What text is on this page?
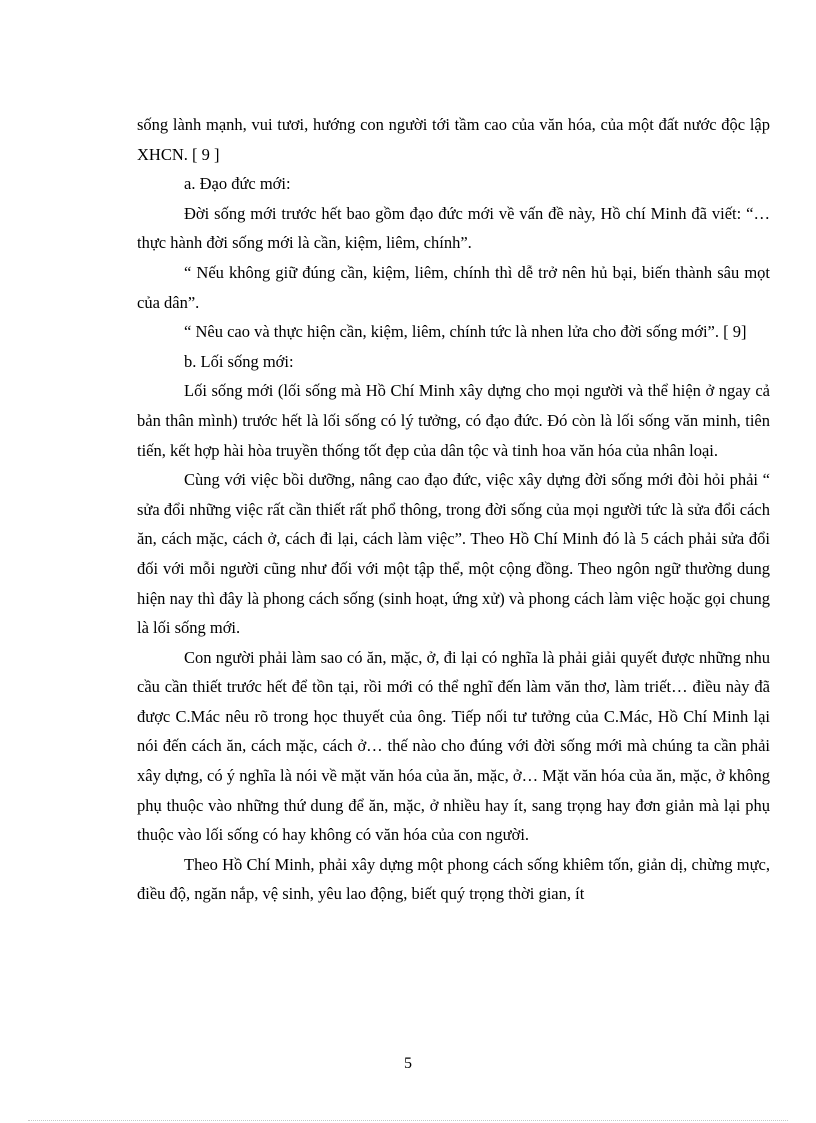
sống lành mạnh, vui tươi, hướng con người tới tầm cao của văn hóa, của một đất nước độc lập XHCN. [ 9 ]

a. Đạo đức mới:

Đời sống mới trước hết bao gồm đạo đức mới về vấn đề này, Hồ chí Minh đã viết: “… thực hành đời sống mới là cần, kiệm, liêm, chính”.

“ Nếu không giữ đúng cần, kiệm, liêm, chính thì dễ trở nên hủ bại, biến thành sâu mọt của dân”.

“ Nêu cao và thực hiện cần, kiệm, liêm, chính tức là nhen lửa cho đời sống mới”. [ 9]

b. Lối sống mới:

Lối sống mới (lối sống mà Hồ Chí Minh xây dựng cho mọi người và thể hiện ở ngay cả bản thân mình) trước hết là lối sống có lý tưởng, có đạo đức. Đó còn là lối sống văn minh, tiên tiến, kết hợp hài hòa truyền thống tốt đẹp của dân tộc và tinh hoa văn hóa của nhân loại.

Cùng với việc bồi dưỡng, nâng cao đạo đức, việc xây dựng đời sống mới đòi hỏi phải “ sửa đổi những việc rất cần thiết rất phổ thông, trong đời sống của mọi người tức là sửa đổi cách ăn, cách mặc, cách ở, cách đi lại, cách làm việc”. Theo Hồ Chí Minh đó là 5 cách phải sửa đổi đối với mỗi người cũng như đối với một tập thể, một cộng đồng. Theo ngôn ngữ thường dung hiện nay thì đây là phong cách sống (sinh hoạt, ứng xử) và phong cách làm việc hoặc gọi chung là lối sống mới.

Con người phải làm sao có ăn, mặc, ở, đi lại có nghĩa là phải giải quyết được những nhu cầu cần thiết trước hết để tồn tại, rồi mới có thể nghĩ đến làm văn thơ, làm triết… điều này đã được C.Mác nêu rõ trong học thuyết của ông. Tiếp nối tư tưởng của C.Mác, Hồ Chí Minh lại nói đến cách ăn, cách mặc, cách ở… thế nào cho đúng với đời sống mới mà chúng ta cần phải xây dựng, có ý nghĩa là nói về mặt văn hóa của ăn, mặc, ở… Mặt văn hóa của ăn, mặc, ở không phụ thuộc vào những thứ dung để ăn, mặc, ở nhiều hay ít, sang trọng hay đơn giản mà lại phụ thuộc vào lối sống có hay không có văn hóa của con người.

Theo Hồ Chí Minh, phải xây dựng một phong cách sống khiêm tốn, giản dị, chừng mực, điều độ, ngăn nắp, vệ sinh, yêu lao động, biết quý trọng thời gian, ít

5
